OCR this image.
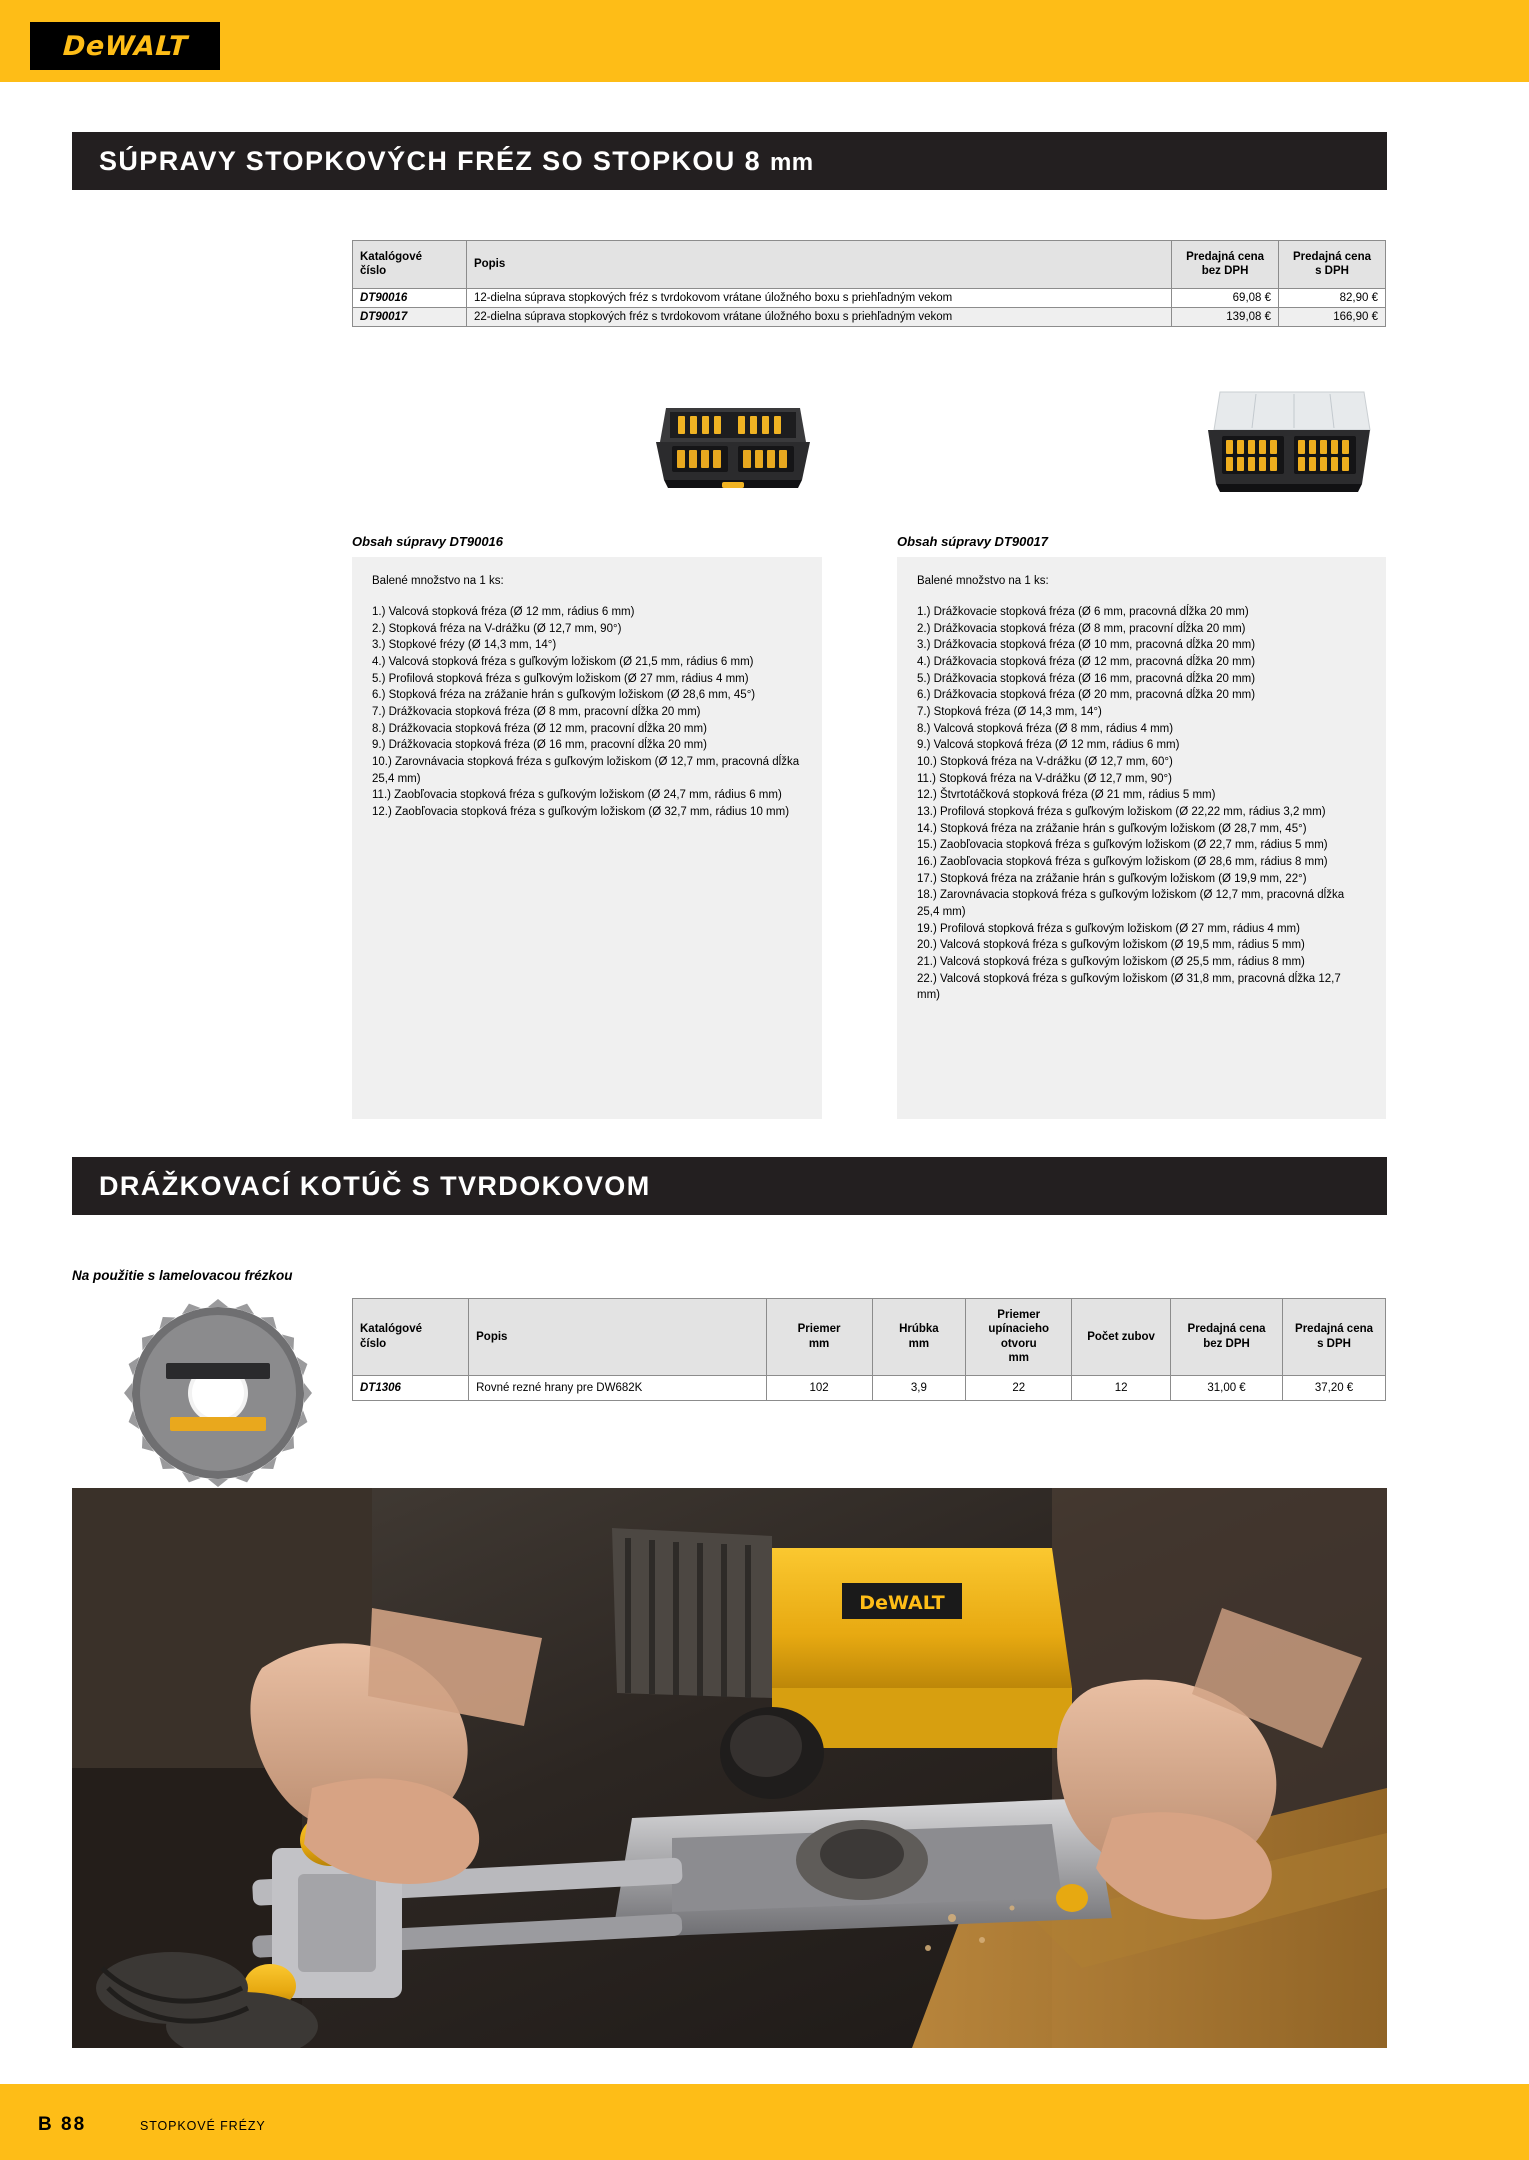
DeWALT
SÚPRAVY STOPKOVÝCH FRÉZ SO STOPKOU 8 mm
Katalógové
číslo	Popis	Predajná cena
bez DPH	Predajná cena
s DPH
DT90016	12-dielna súprava stopkových fréz s tvrdokovom vrátane úložného boxu s priehľadným vekom	69,08 €	82,90 €
DT90017	22-dielna súprava stopkových fréz s tvrdokovom vrátane úložného boxu s priehľadným vekom	139,08 €	166,90 €
Obsah súpravy DT90016
Balené množstvo na 1 ks:
1.) Valcová stopková fréza (Ø 12 mm, rádius 6 mm)
2.) Stopková fréza na V-drážku (Ø 12,7 mm, 90°)
3.) Stopkové frézy (Ø 14,3 mm, 14°)
4.) Valcová stopková fréza s guľkovým ložiskom (Ø 21,5 mm, rádius 6 mm)
5.) Profilová stopková fréza s guľkovým ložiskom (Ø 27 mm, rádius 4 mm)
6.) Stopková fréza na zrážanie hrán s guľkovým ložiskom (Ø 28,6 mm, 45°)
7.) Drážkovacia stopková fréza (Ø 8 mm, pracovní dĺžka 20 mm)
8.) Drážkovacia stopková fréza (Ø 12 mm, pracovní dĺžka 20 mm)
9.) Drážkovacia stopková fréza (Ø 16 mm, pracovní dĺžka 20 mm)
10.) Zarovnávacia stopková fréza s guľkovým ložiskom (Ø 12,7 mm, pracovná dĺžka 25,4 mm)
11.) Zaobľovacia stopková fréza s guľkovým ložiskom (Ø 24,7 mm, rádius 6 mm)
12.) Zaobľovacia stopková fréza s guľkovým ložiskom (Ø 32,7 mm, rádius 10 mm)
Obsah súpravy DT90017
Balené množstvo na 1 ks:
1.) Drážkovacie stopková fréza (Ø 6 mm, pracovná dĺžka 20 mm)
2.) Drážkovacia stopková fréza (Ø 8 mm, pracovní dĺžka 20 mm)
3.) Drážkovacia stopková fréza (Ø 10 mm, pracovná dĺžka 20 mm)
4.) Drážkovacia stopková fréza (Ø 12 mm, pracovná dĺžka 20 mm)
5.) Drážkovacia stopková fréza (Ø 16 mm, pracovná dĺžka 20 mm)
6.) Drážkovacia stopková fréza (Ø 20 mm, pracovná dĺžka 20 mm)
7.) Stopková fréza (Ø 14,3 mm, 14°)
8.) Valcová stopková fréza (Ø 8 mm, rádius 4 mm)
9.) Valcová stopková fréza (Ø 12 mm, rádius 6 mm)
10.) Stopková fréza na V-drážku (Ø 12,7 mm, 60°)
11.) Stopková fréza na V-drážku (Ø 12,7 mm, 90°)
12.) Štvrtotáčková stopková fréza (Ø 21 mm, rádius 5 mm)
13.) Profilová stopková fréza s guľkovým ložiskom (Ø 22,22 mm, rádius 3,2 mm)
14.) Stopková fréza na zrážanie hrán s guľkovým ložiskom (Ø 28,7 mm, 45°)
15.) Zaobľovacia stopková fréza s guľkovým ložiskom (Ø 22,7 mm, rádius 5 mm)
16.) Zaobľovacia stopková fréza s guľkovým ložiskom (Ø 28,6 mm, rádius 8 mm)
17.) Stopková fréza na zrážanie hrán s guľkovým ložiskom (Ø 19,9 mm, 22°)
18.) Zarovnávacia stopková fréza s guľkovým ložiskom (Ø 12,7 mm, pracovná dĺžka 25,4 mm)
19.) Profilová stopková fréza s guľkovým ložiskom (Ø 27 mm, rádius 4 mm)
20.) Valcová stopková fréza s guľkovým ložiskom (Ø 19,5 mm, rádius 5 mm)
21.) Valcová stopková fréza s guľkovým ložiskom (Ø 25,5 mm, rádius 8 mm)
22.) Valcová stopková fréza s guľkovým ložiskom (Ø 31,8 mm, pracovná dĺžka 12,7 mm)
DRÁŽKOVACÍ KOTÚČ S TVRDOKOVOM
Na použitie s lamelovacou frézkou
Katalógové
číslo	Popis	Priemer
mm	Hrúbka
mm	Priemer
upínacieho
otvoru
mm	Počet zubov	Predajná cena
bez DPH	Predajná cena
s DPH
DT1306	Rovné rezné hrany pre DW682K	102	3,9	22	12	31,00 €	37,20 €
DeWALT
B 88	STOPKOVÉ FRÉZY
